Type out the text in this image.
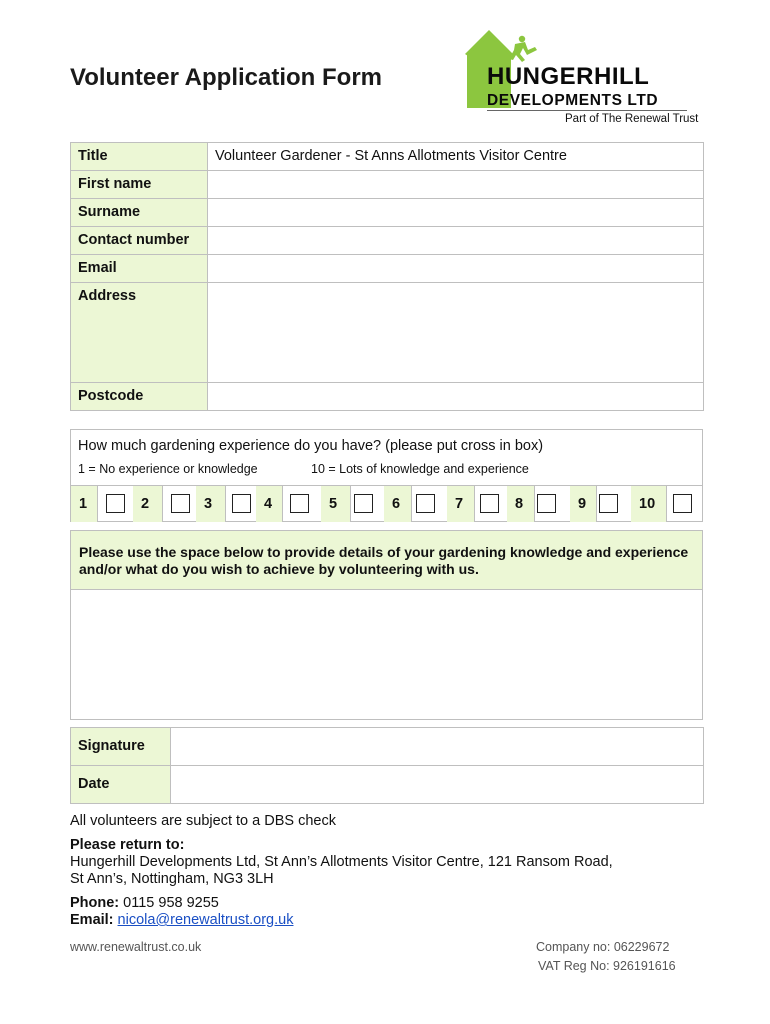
Volunteer Application Form	HUNGERHILL
DEVELOPMENTS LTD
Part of The Renewal Trust
Title	Volunteer Gardener - St Anns Allotments Visitor Centre
First name	
Surname	
Contact number	
Email	
Address	
Postcode	
How much gardening experience do you have? (please put cross in box)
1 = No experience or knowledge	10 = Lots of knowledge and experience
1	2	3	4	5	6	7	8	9	10
Please use the space below to provide details of your gardening knowledge and experience and/or what do you wish to achieve by volunteering with us.
Signature	
Date	
All volunteers are subject to a DBS check
Please return to:
Hungerhill Developments Ltd, St Ann’s Allotments Visitor Centre, 121 Ransom Road,
St Ann’s, Nottingham, NG3 3LH
Phone: 0115 958 9255
Email: nicola@renewaltrust.org.uk
www.renewaltrust.co.uk	Company no: 06229672
VAT Reg No: 926191616
